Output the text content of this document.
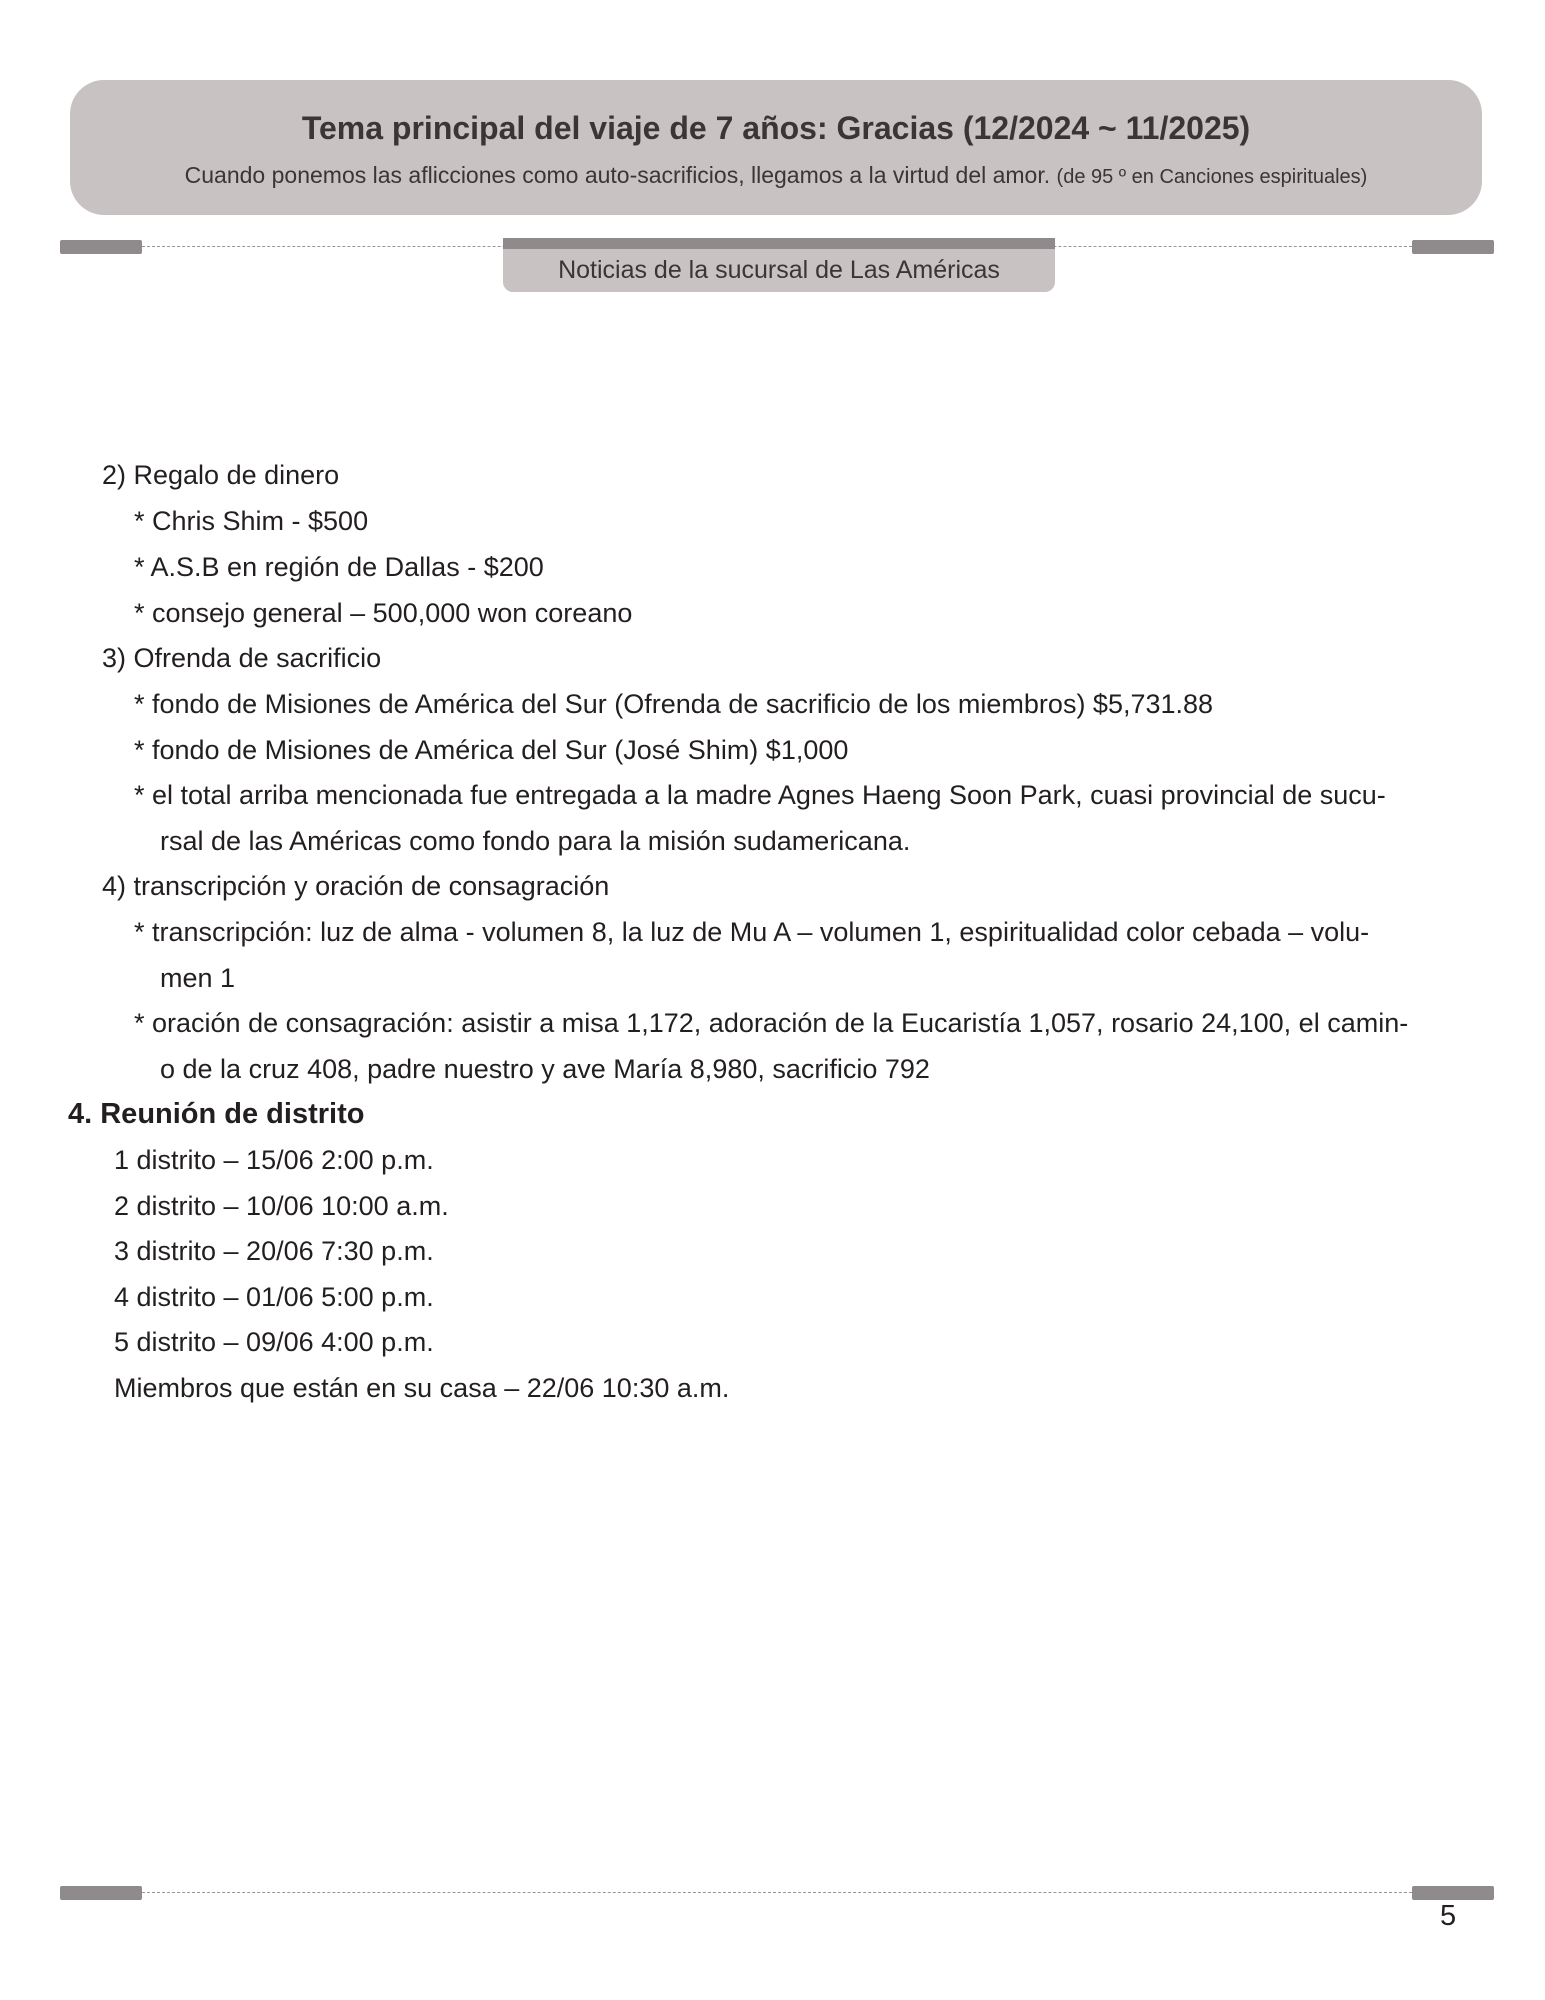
Tema principal del viaje de 7 años: Gracias (12/2024 ~ 11/2025)
Cuando ponemos las aflicciones como auto-sacrificios, llegamos a la virtud del amor. (de 95 º en Canciones espirituales)
Noticias de la sucursal de Las Américas
2) Regalo de dinero
* Chris Shim - $500
* A.S.B en región de Dallas - $200
* consejo general – 500,000 won coreano
3) Ofrenda de sacrificio
* fondo de Misiones de América del Sur (Ofrenda de sacrificio de los miembros) $5,731.88
* fondo de Misiones de América del Sur (José Shim) $1,000
* el total arriba mencionada fue entregada a la madre Agnes Haeng Soon Park, cuasi provincial de sucu-
rsal de las Américas como fondo para la misión sudamericana.
4) transcripción y oración de consagración
* transcripción: luz de alma - volumen 8, la luz de Mu A – volumen 1, espiritualidad color cebada – volu-
men 1
* oración de consagración: asistir a misa 1,172, adoración de la Eucaristía 1,057, rosario 24,100, el camin-
o de la cruz 408, padre nuestro y ave María 8,980, sacrificio 792
4. Reunión de distrito
1 distrito – 15/06 2:00 p.m.
2 distrito – 10/06 10:00 a.m.
3 distrito – 20/06 7:30 p.m.
4 distrito – 01/06 5:00 p.m.
5 distrito – 09/06 4:00 p.m.
Miembros que están en su casa – 22/06 10:30 a.m.
5
